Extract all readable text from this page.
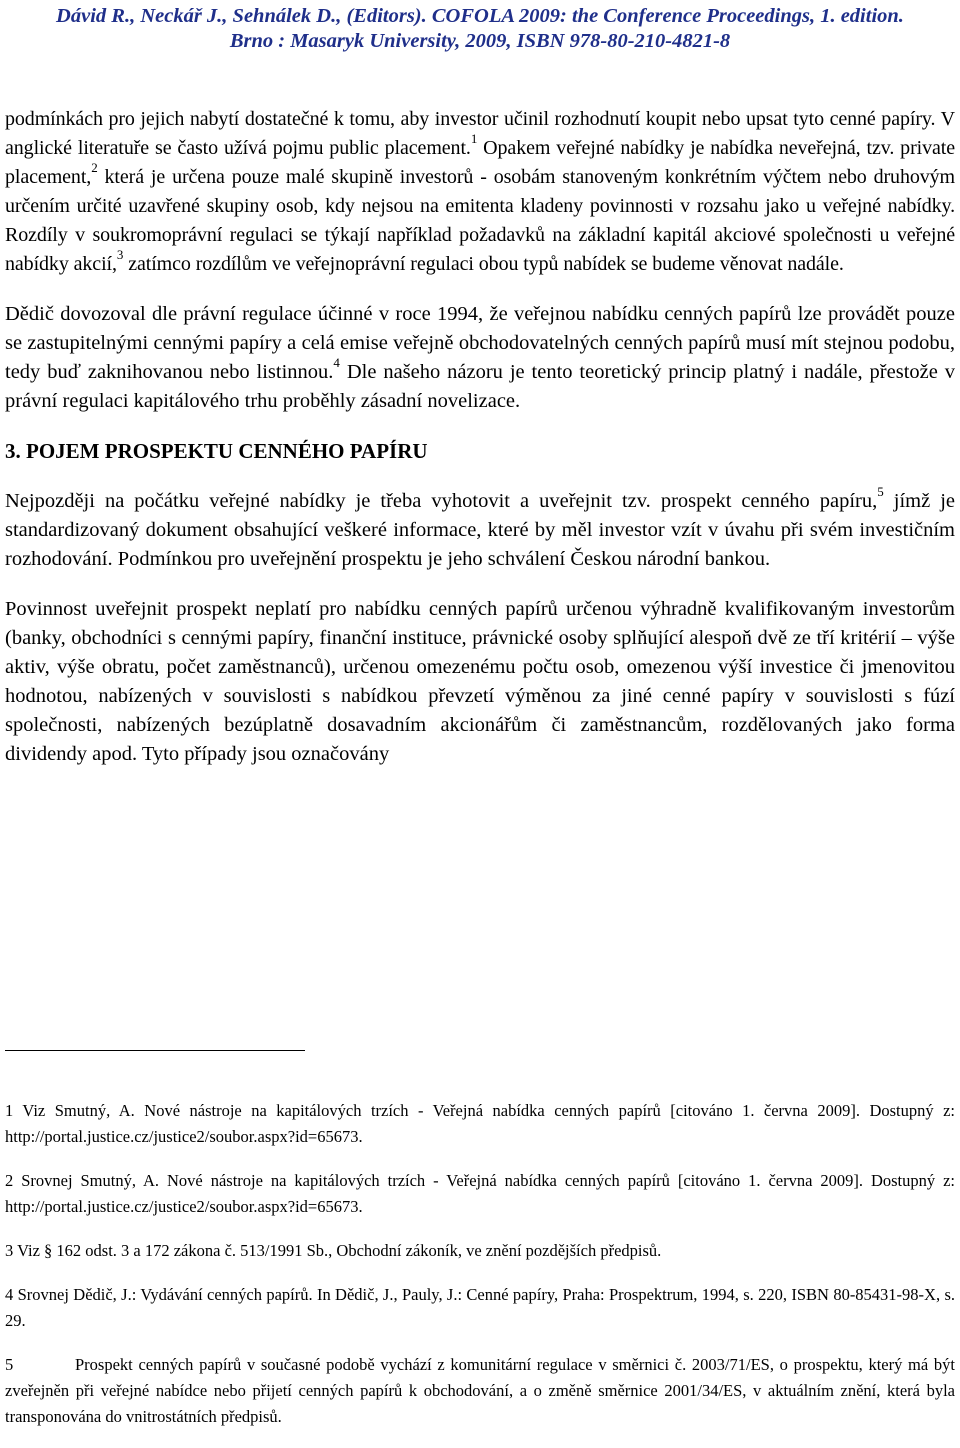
Dávid R., Neckář J., Sehnálek D., (Editors). COFOLA 2009: the Conference Proceedings, 1. edition.
Brno : Masaryk University, 2009, ISBN 978-80-210-4821-8

podmínkách pro jejich nabytí dostatečné k tomu, aby investor učinil rozhodnutí koupit nebo upsat tyto cenné papíry. V anglické literatuře se často užívá pojmu public placement.$^1$ Opakem veřejné nabídky je nabídka neveřejná, tzv. private placement,$^2$ která je určena pouze malé skupině investorů - osobám stanoveným konkrétním výčtem nebo druhovým určením určité uzavřené skupiny osob, kdy nejsou na emitenta kladeny povinnosti v rozsahu jako u veřejné nabídky. Rozdíly v soukromoprávní regulaci se týkají například požadavků na základní kapitál akciové společnosti u veřejné nabídky akcií,$^3$ zatímco rozdílům ve veřejnoprávní regulaci obou typů nabídek se budeme věnovat nadále.

Dědič dovozoval dle právní regulace účinné v roce 1994, že veřejnou nabídku cenných papírů lze provádět pouze se zastupitelnými cennými papíry a celá emise veřejně obchodovatelných cenných papírů musí mít stejnou podobu, tedy buď zaknihovanou nebo listinnou.$^4$ Dle našeho názoru je tento teoretický princip platný i nadále, přestože v právní regulaci kapitálového trhu proběhly zásadní novelizace.

3. POJEM PROSPEKTU CENNÉHO PAPÍRU

Nejpozději na počátku veřejné nabídky je třeba vyhotovit a uveřejnit tzv. prospekt cenného papíru,$^5$ jímž je standardizovaný dokument obsahující veškeré informace, které by měl investor vzít v úvahu při svém investičním rozhodování. Podmínkou pro uveřejnění prospektu je jeho schválení Českou národní bankou.

Povinnost uveřejnit prospekt neplatí pro nabídku cenných papírů určenou výhradně kvalifikovaným investorům (banky, obchodníci s cennými papíry, finanční instituce, právnické osoby splňující alespoň dvě ze tří kritérií – výše aktiv, výše obratu, počet zaměstnanců), určenou omezenému počtu osob, omezenou výší investice či jmenovitou hodnotou, nabízených v souvislosti s nabídkou převzetí výměnou za jiné cenné papíry v souvislosti s fúzí společnosti, nabízených bezúplatně dosavadním akcionářům či zaměstnancům, rozdělovaných jako forma dividendy apod. Tyto případy jsou označovány

1 Viz Smutný, A. Nové nástroje na kapitálových trzích - Veřejná nabídka cenných papírů [citováno 1. června 2009]. Dostupný z: http://portal.justice.cz/justice2/soubor.aspx?id=65673.

2 Srovnej Smutný, A. Nové nástroje na kapitálových trzích - Veřejná nabídka cenných papírů [citováno 1. června 2009]. Dostupný z: http://portal.justice.cz/justice2/soubor.aspx?id=65673.

3 Viz § 162 odst. 3 a 172 zákona č. 513/1991 Sb., Obchodní zákoník, ve znění pozdějších předpisů.

4 Srovnej Dědič, J.: Vydávání cenných papírů. In Dědič, J., Pauly, J.: Cenné papíry, Praha: Prospektrum, 1994, s. 220, ISBN 80-85431-98-X, s. 29.

5	Prospekt cenných papírů v současné podobě vychází z komunitární regulace v směrnici č. 2003/71/ES, o prospektu, který má být zveřejněn při veřejné nabídce nebo přijetí cenných papírů k obchodování, a o změně směrnice 2001/34/ES, v aktuálním znění, která byla transponována do vnitrostátních předpisů.
